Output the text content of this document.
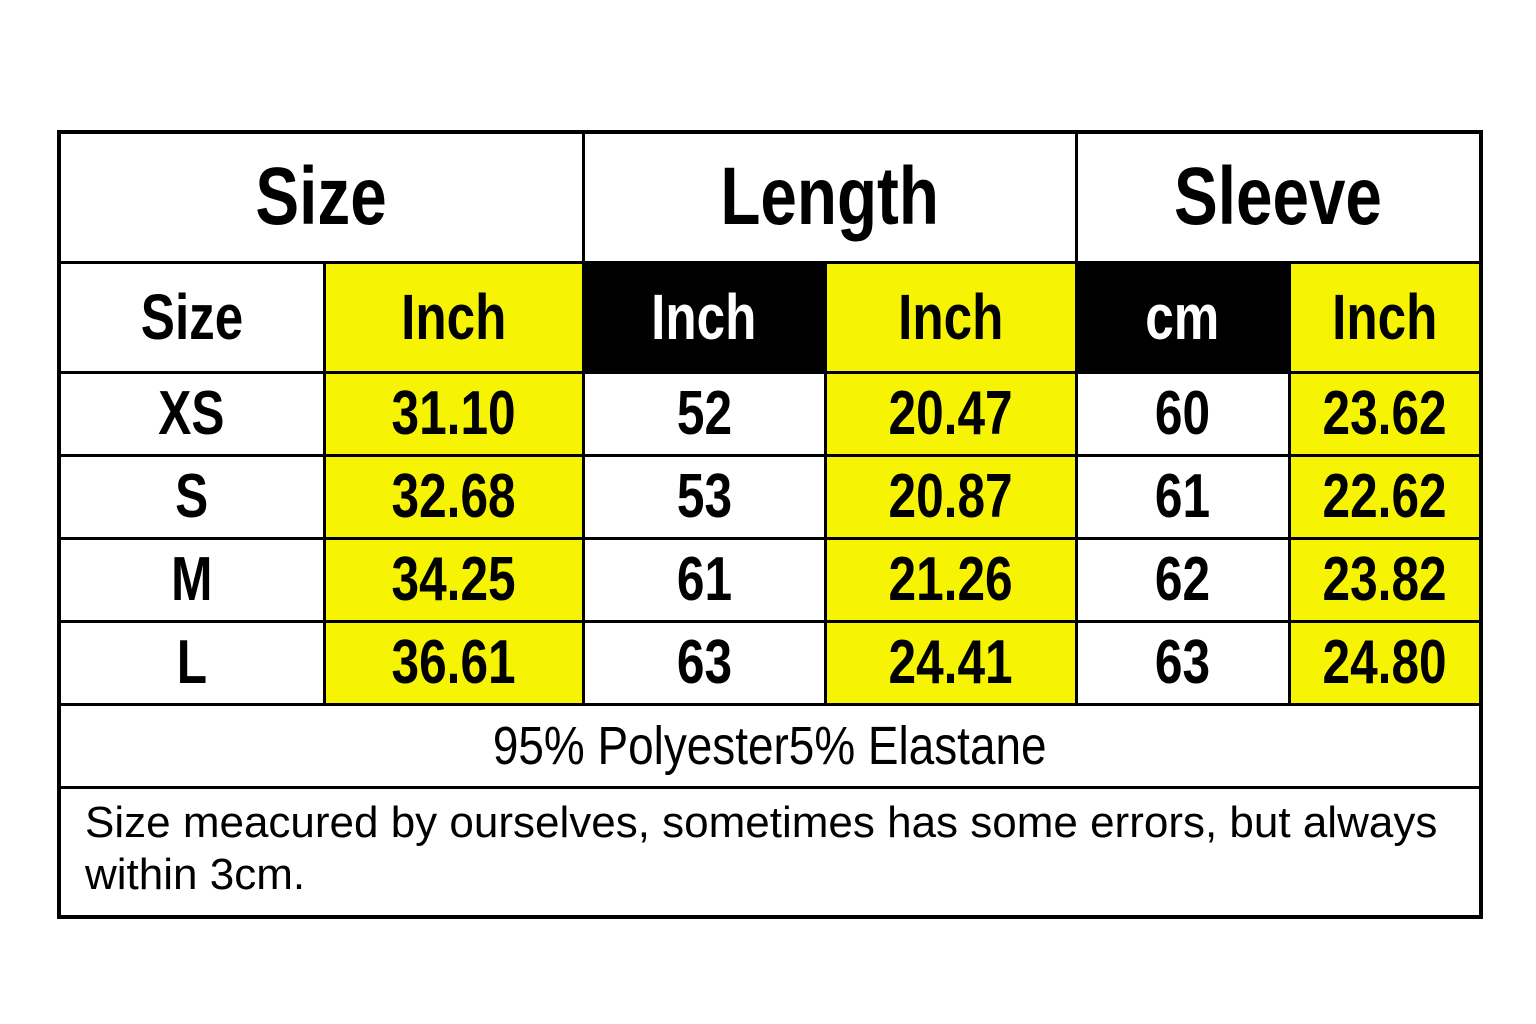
Size		Length		Sleeve	
Size	Inch	Inch	Inch	cm	Inch
XS	31.10	52	20.47	60	23.62
S	32.68	53	20.87	61	22.62
M	34.25	61	21.26	62	23.82
L	36.61	63	24.41	63	24.80
95% Polyester5% Elastane					
Size meacured by ourselves, sometimes has some errors, but always within 3cm.					
